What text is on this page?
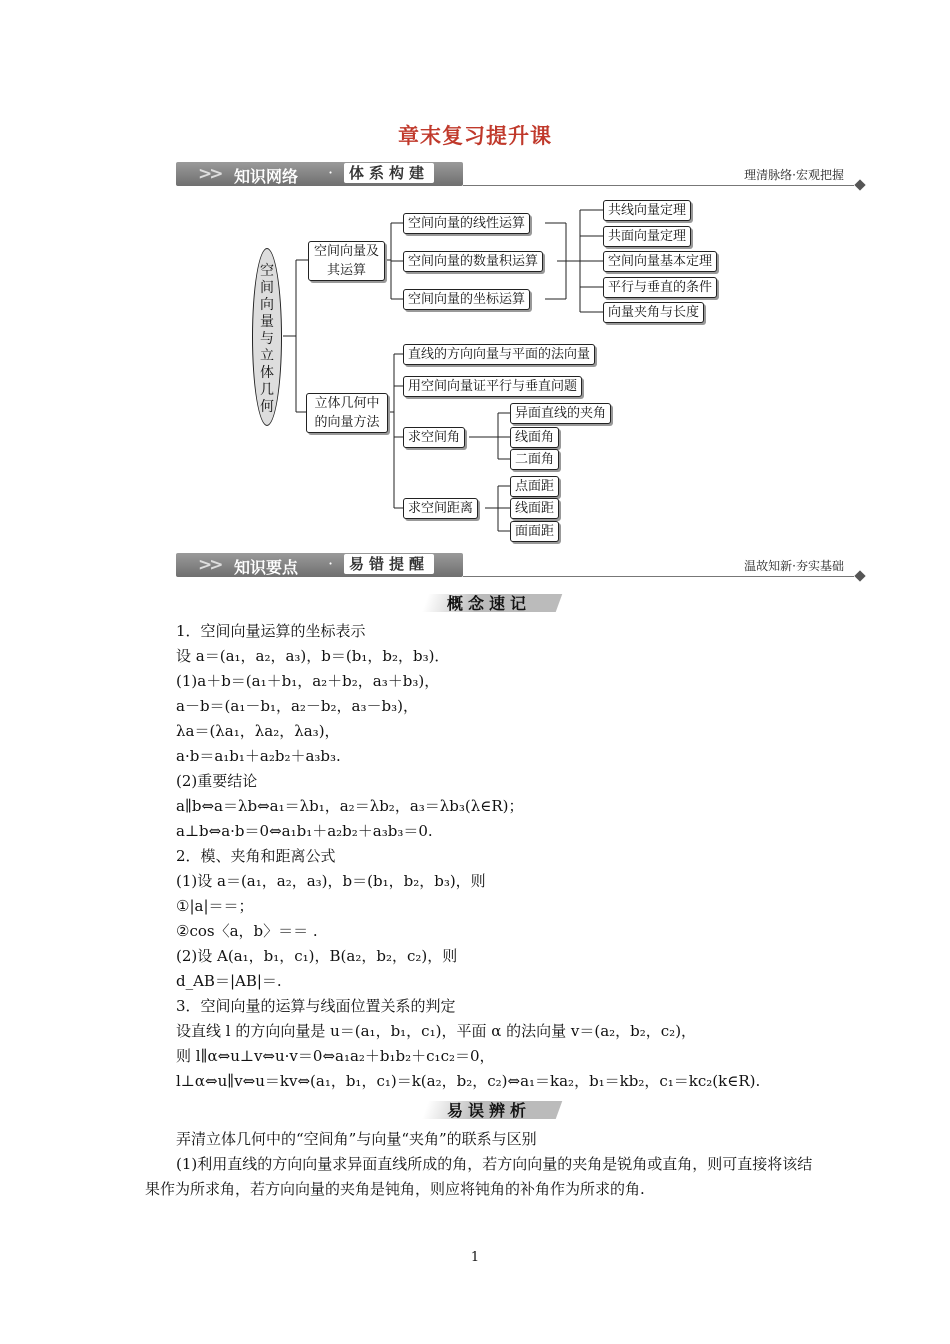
章末复习提升课
>> 知识网络 ·	体系构建	理清脉络·宏观把握
空间向量与立体几何
空间向量及其运算
立体几何中的向量方法
空间向量的线性运算
空间向量的数量积运算
空间向量的坐标运算
共线向量定理
共面向量定理
空间向量基本定理
平行与垂直的条件
向量夹角与长度
直线的方向向量与平面的法向量
用空间向量证平行与垂直问题
求空间角
求空间距离
异面直线的夹角
线面角
二面角
点面距
线面距
面面距
>> 知识要点 ·	易错提醒	温故知新·夯实基础
概念速记
1．空间向量运算的坐标表示
设 a＝(a₁，a₂，a₃)，b＝(b₁，b₂，b₃)．
(1)a＋b＝(a₁＋b₁，a₂＋b₂，a₃＋b₃)，
a－b＝(a₁－b₁，a₂－b₂，a₃－b₃)，
λa＝(λa₁，λa₂，λa₃)，
a·b＝a₁b₁＋a₂b₂＋a₃b₃.
(2)重要结论
a∥b⇔a＝λb⇔a₁＝λb₁，a₂＝λb₂，a₃＝λb₃(λ∈R)；
a⊥b⇔a·b＝0⇔a₁b₁＋a₂b₂＋a₃b₃＝0.
2．模、夹角和距离公式
(1)设 a＝(a₁，a₂，a₃)，b＝(b₁，b₂，b₃)，则
①|a|＝＝；
②cos〈a，b〉＝＝ .
(2)设 A(a₁，b₁，c₁)，B(a₂，b₂，c₂)，则
d_AB＝|AB|＝.
3．空间向量的运算与线面位置关系的判定
设直线 l 的方向向量是 u＝(a₁，b₁，c₁)，平面 α 的法向量 v＝(a₂，b₂，c₂)，
则 l∥α⇔u⊥v⇔u·v＝0⇔a₁a₂＋b₁b₂＋c₁c₂＝0，
l⊥α⇔u∥v⇔u＝kv⇔(a₁，b₁，c₁)＝k(a₂，b₂，c₂)⇔a₁＝ka₂，b₁＝kb₂，c₁＝kc₂(k∈R).
易误辨析
弄清立体几何中的“空间角”与向量“夹角”的联系与区别
(1)利用直线的方向向量求异面直线所成的角，若方向向量的夹角是锐角或直角，则可直接将该结果作为所求角，若方向向量的夹角是钝角，则应将钝角的补角作为所求的角.
1
